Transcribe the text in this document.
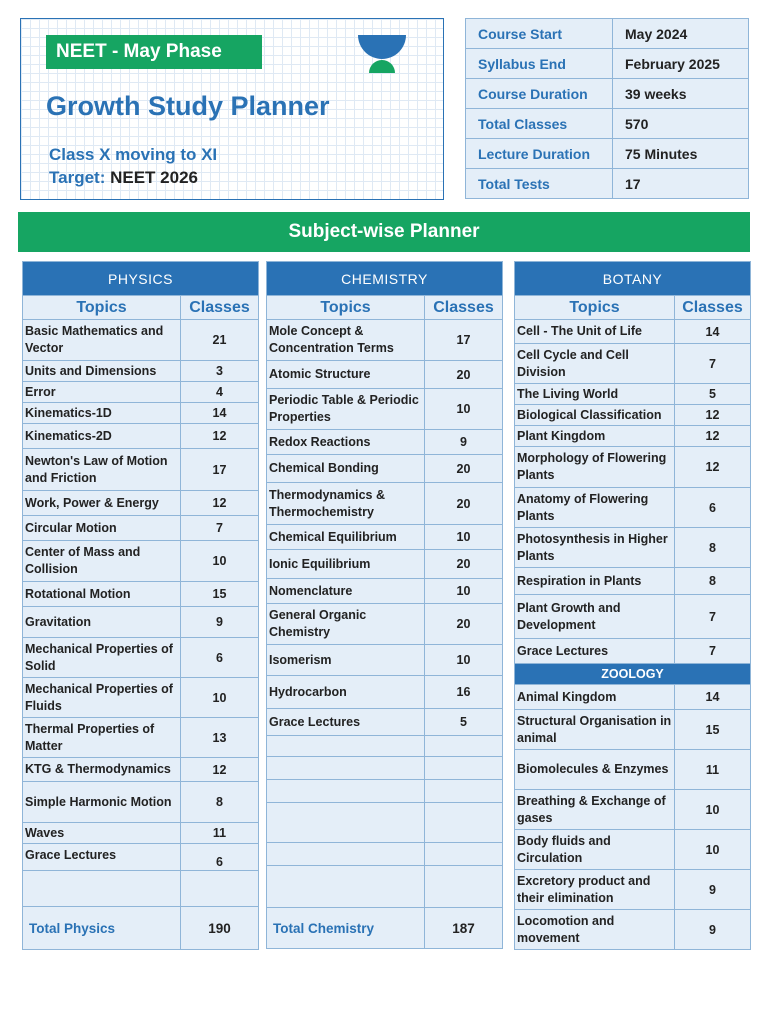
NEET - May Phase
Growth Study Planner
Class X moving to XI
Target: NEET 2026
Course Start	May 2024
Syllabus End	February 2025
Course Duration	39 weeks
Total Classes	570
Lecture Duration	75 Minutes
Total Tests	17
Subject-wise Planner
PHYSICS	
Topics	Classes
Basic Mathematics and Vector	21
Units and Dimensions	3
Error	4
Kinematics-1D	14
Kinematics-2D	12
Newton's Law of Motion and Friction	17
Work, Power & Energy	12
Circular Motion	7
Center of Mass and Collision	10
Rotational Motion	15
Gravitation	9
Mechanical Properties of Solid	6
Mechanical Properties of Fluids	10
Thermal Properties of Matter	13
KTG & Thermodynamics	12
Simple Harmonic Motion	8
Waves	11
Grace Lectures	6

Total Physics	190
CHEMISTRY	
Topics	Classes
Mole Concept & Concentration Terms	17
Atomic Structure	20
Periodic Table & Periodic Properties	10
Redox Reactions	9
Chemical Bonding	20
Thermodynamics & Thermochemistry	20
Chemical Equilibrium	10
Ionic Equilibrium	20
Nomenclature	10
General Organic Chemistry	20
Isomerism	10
Hydrocarbon	16
Grace Lectures	5

Total Chemistry	187
BOTANY	
Topics	Classes
Cell - The Unit of Life	14
Cell Cycle and Cell Division	7
The Living World	5
Biological Classification	12
Plant Kingdom	12
Morphology of Flowering Plants	12
Anatomy of Flowering Plants	6
Photosynthesis in Higher Plants	8
Respiration in Plants	8
Plant Growth and Development	7
Grace Lectures	7
ZOOLOGY	
Animal Kingdom	14
Structural Organisation in animal	15
Biomolecules & Enzymes	11
Breathing & Exchange of gases	10
Body fluids and Circulation	10
Excretory product and their elimination	9
Locomotion and movement	9
